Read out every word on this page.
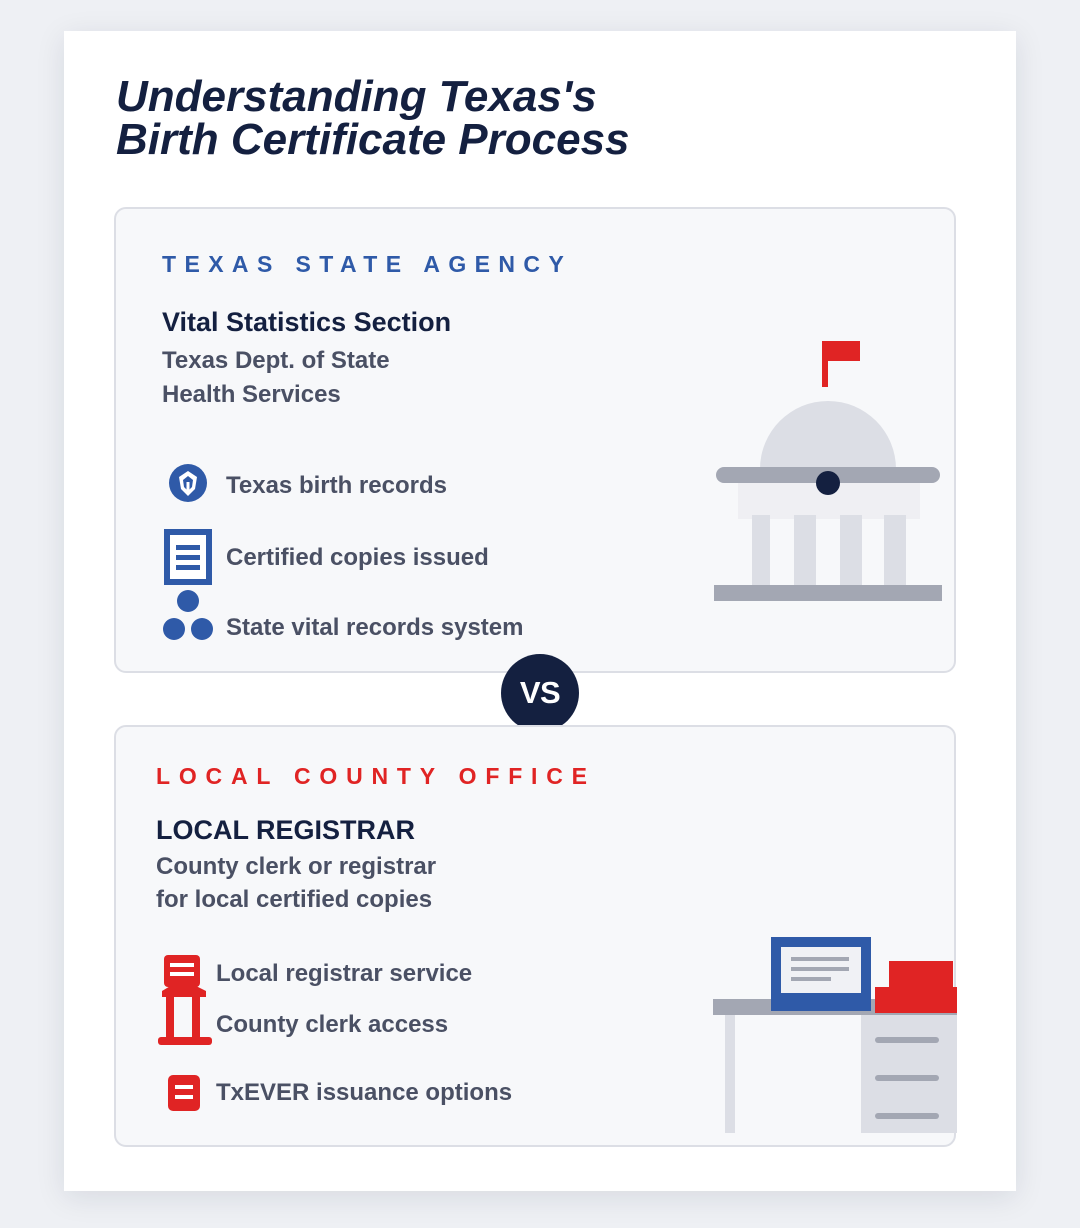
Understanding Texas's
Birth Certificate Process

TEXAS STATE AGENCY

Vital Statistics Section

Texas Dept. of State
Health Services

Texas birth records
Certified copies issued
State vital records system
VS

LOCAL COUNTY OFFICE

LOCAL REGISTRAR

County clerk or registrar
for local certified copies

Local registrar service
County clerk access
TxEVER issuance options
